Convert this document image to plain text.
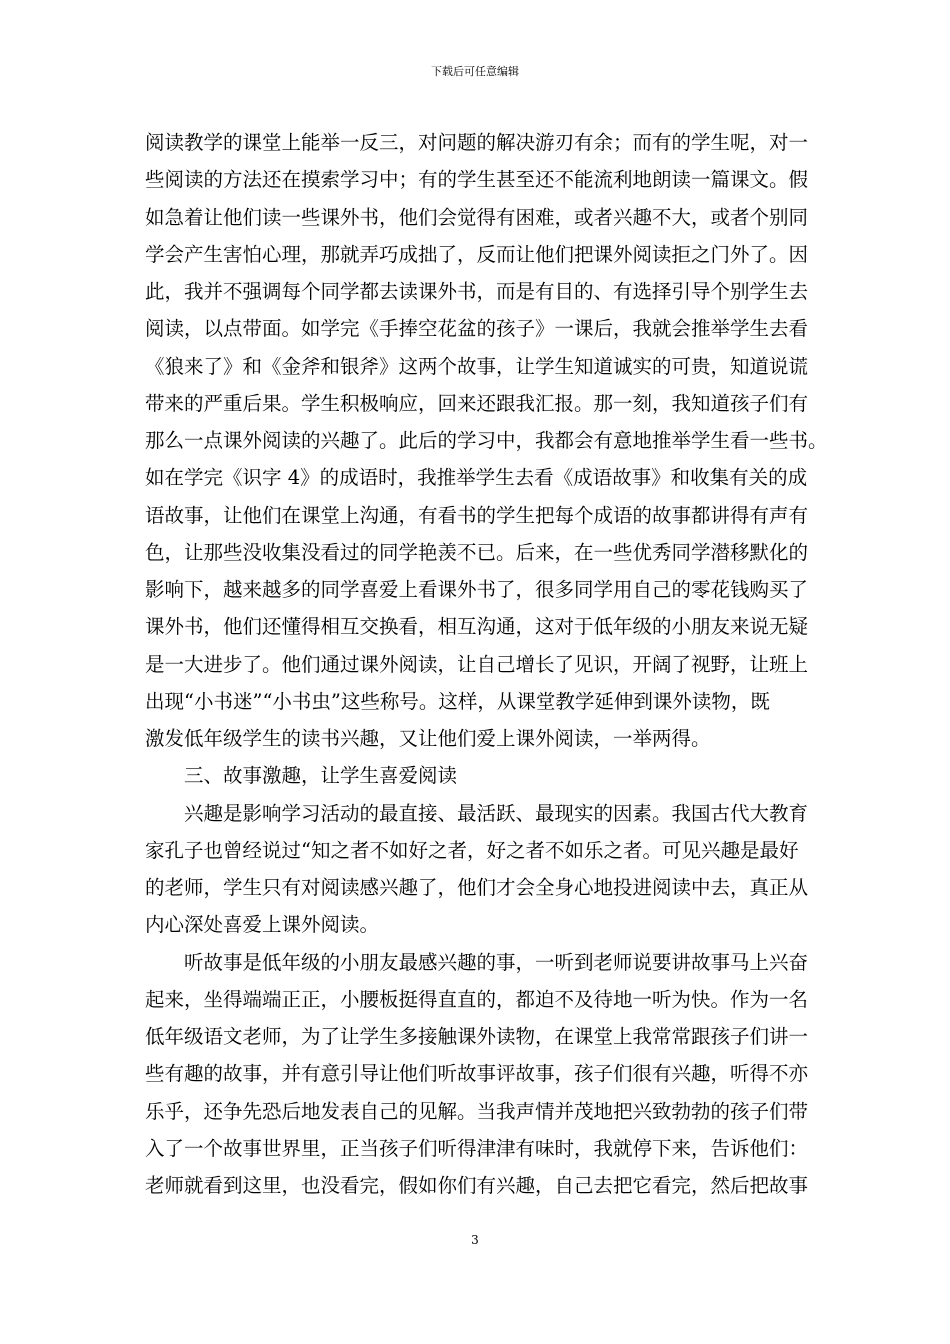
下载后可任意编辑
阅读教学的课堂上能举一反三，对问题的解决游刃有余；而有的学生呢，对一
些阅读的方法还在摸索学习中；有的学生甚至还不能流利地朗读一篇课文。假
如急着让他们读一些课外书，他们会觉得有困难，或者兴趣不大，或者个别同
学会产生害怕心理，那就弄巧成拙了，反而让他们把课外阅读拒之门外了。因
此，我并不强调每个同学都去读课外书，而是有目的、有选择引导个别学生去
阅读，以点带面。如学完《手捧空花盆的孩子》一课后，我就会推举学生去看
《狼来了》和《金斧和银斧》这两个故事，让学生知道诚实的可贵，知道说谎
带来的严重后果。学生积极响应，回来还跟我汇报。那一刻，我知道孩子们有
那么一点课外阅读的兴趣了。此后的学习中，我都会有意地推举学生看一些书。
如在学完《识字 4》的成语时，我推举学生去看《成语故事》和收集有关的成
语故事，让他们在课堂上沟通，有看书的学生把每个成语的故事都讲得有声有
色，让那些没收集没看过的同学艳羡不已。后来，在一些优秀同学潜移默化的
影响下，越来越多的同学喜爱上看课外书了，很多同学用自己的零花钱购买了
课外书，他们还懂得相互交换看，相互沟通，这对于低年级的小朋友来说无疑
是一大进步了。他们通过课外阅读，让自己增长了见识，开阔了视野，让班上
出现“小书迷”“小书虫”这些称号。这样，从课堂教学延伸到课外读物，既
激发低年级学生的读书兴趣，又让他们爱上课外阅读，一举两得。
三、故事激趣，让学生喜爱阅读
兴趣是影响学习活动的最直接、最活跃、最现实的因素。我国古代大教育
家孔子也曾经说过“知之者不如好之者，好之者不如乐之者。可见兴趣是最好
的老师，学生只有对阅读感兴趣了，他们才会全身心地投进阅读中去，真正从
内心深处喜爱上课外阅读。
听故事是低年级的小朋友最感兴趣的事，一听到老师说要讲故事马上兴奋
起来，坐得端端正正，小腰板挺得直直的，都迫不及待地一听为快。作为一名
低年级语文老师，为了让学生多接触课外读物，在课堂上我常常跟孩子们讲一
些有趣的故事，并有意引导让他们听故事评故事，孩子们很有兴趣，听得不亦
乐乎，还争先恐后地发表自己的见解。当我声情并茂地把兴致勃勃的孩子们带
入了一个故事世界里，正当孩子们听得津津有味时，我就停下来，告诉他们：
老师就看到这里，也没看完，假如你们有兴趣，自己去把它看完，然后把故事
3
